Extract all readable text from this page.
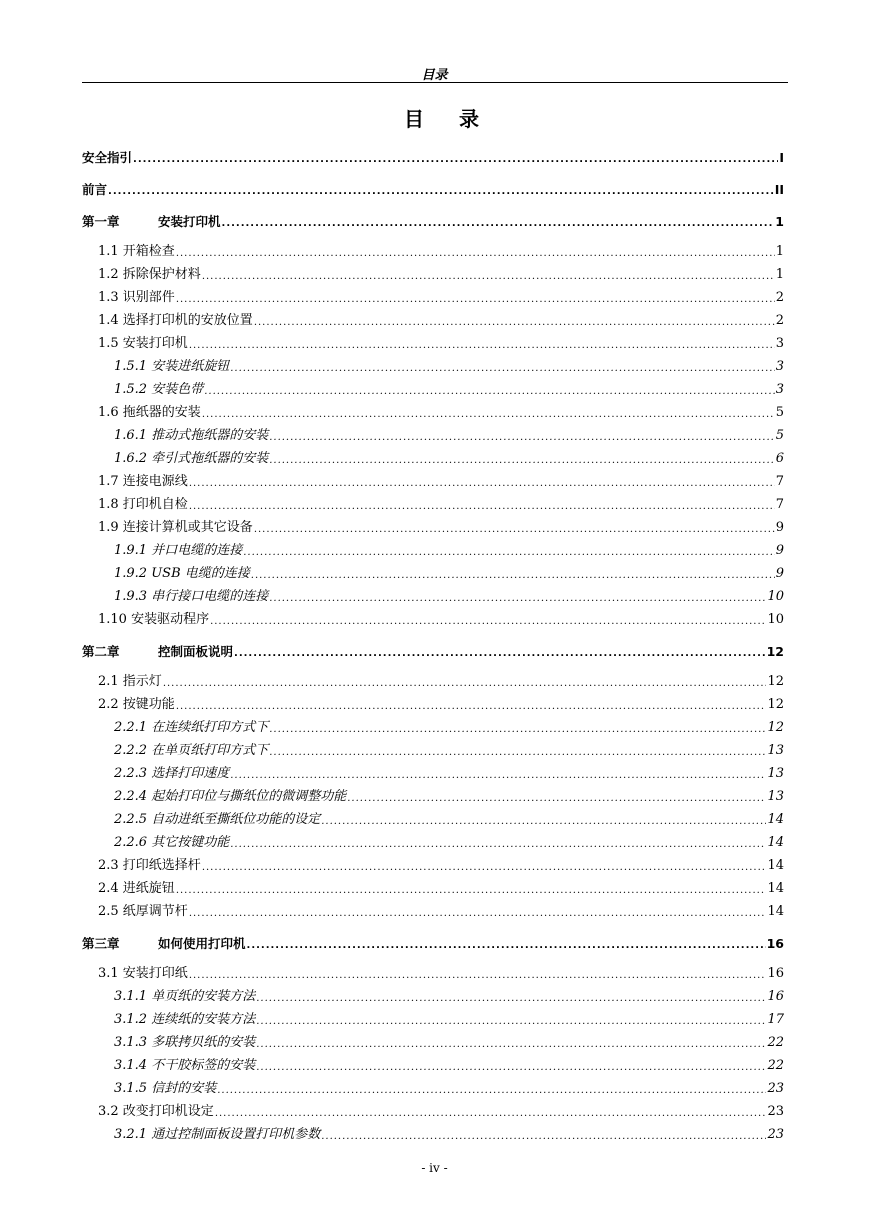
目录
目 录
安全指引 .....	I
前言 .....	II
第一章	安装打印机 .....	1
1.1 开箱检查 .....	1
1.2 拆除保护材料 .....	1
1.3 识别部件 .....	2
1.4 选择打印机的安放位置 .....	2
1.5 安装打印机 .....	3
1.5.1 安装进纸旋钮 .....	3
1.5.2 安装色带 .....	3
1.6 拖纸器的安装 .....	5
1.6.1 推动式拖纸器的安装 .....	5
1.6.2 牵引式拖纸器的安装 .....	6
1.7 连接电源线 .....	7
1.8 打印机自检 .....	7
1.9 连接计算机或其它设备 .....	9
1.9.1 并口电缆的连接 .....	9
1.9.2 USB 电缆的连接 .....	9
1.9.3 串行接口电缆的连接 .....	10
1.10 安装驱动程序 .....	10
第二章	控制面板说明 .....	12
2.1 指示灯 .....	12
2.2 按键功能 .....	12
2.2.1 在连续纸打印方式下 .....	12
2.2.2 在单页纸打印方式下 .....	13
2.2.3 选择打印速度 .....	13
2.2.4 起始打印位与撕纸位的微调整功能 .....	13
2.2.5 自动进纸至撕纸位功能的设定 .....	14
2.2.6 其它按键功能 .....	14
2.3 打印纸选择杆 .....	14
2.4 进纸旋钮 .....	14
2.5 纸厚调节杆 .....	14
第三章	如何使用打印机 .....	16
3.1 安装打印纸 .....	16
3.1.1 单页纸的安装方法 .....	16
3.1.2 连续纸的安装方法 .....	17
3.1.3 多联拷贝纸的安装 .....	22
3.1.4 不干胶标签的安装 .....	22
3.1.5 信封的安装 .....	23
3.2 改变打印机设定 .....	23
3.2.1 通过控制面板设置打印机参数 .....	23
- iv -
